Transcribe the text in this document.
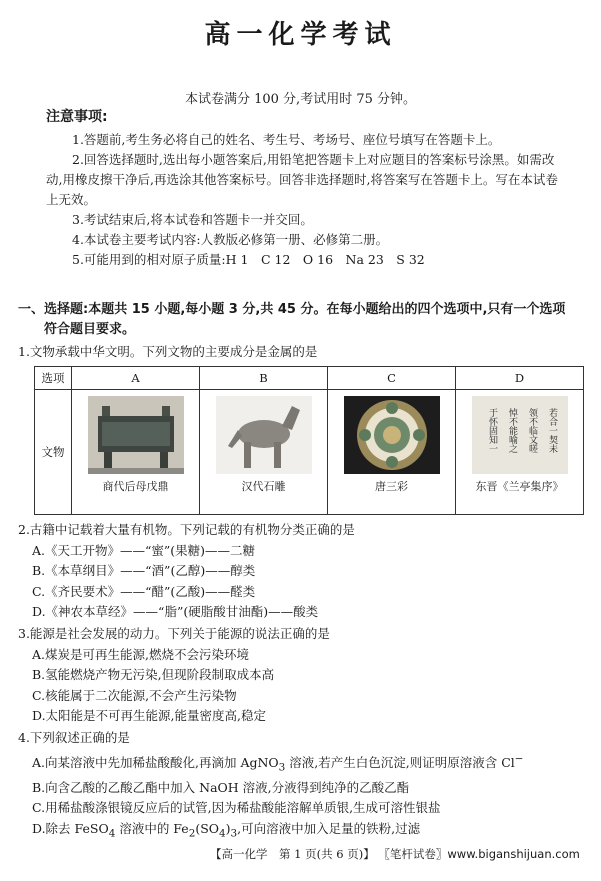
高一化学考试
本试卷满分 100 分,考试用时 75 分钟。
注意事项:

1.答题前,考生务必将自己的姓名、考生号、考场号、座位号填写在答题卡上。

2.回答选择题时,选出每小题答案后,用铅笔把答题卡上对应题目的答案标号涂黑。如需改动,用橡皮擦干净后,再选涂其他答案标号。回答非选择题时,将答案写在答题卡上。写在本试卷上无效。

3.考试结束后,将本试卷和答题卡一并交回。

4.本试卷主要考试内容:人教版必修第一册、必修第二册。

5.可能用到的相对原子质量:H 1　C 12　O 16　Na 23　S 32

一、选择题:本题共 15 小题,每小题 3 分,共 45 分。在每小题给出的四个选项中,只有一个选项
符合题目要求。
1.文物承载中华文明。下列文物的主要成分是金属的是
选项	A	B	C	D
文物	商代后母戊鼎	汉代石雕	唐三彩	若合一契未
领不临文嗟
悼不能喻之
于怀固知一
东晋《兰亭集序》

2.古籍中记载着大量有机物。下列记载的有机物分类正确的是

A.《天工开物》——“蜜”(果糖)——二糖

B.《本草纲目》——“酒”(乙醇)——醇类

C.《齐民要术》——“醋”(乙酸)——醛类

D.《神农本草经》——“脂”(硬脂酸甘油酯)——酸类

3.能源是社会发展的动力。下列关于能源的说法正确的是

A.煤炭是可再生能源,燃烧不会污染环境

B.氢能燃烧产物无污染,但现阶段制取成本高

C.核能属于二次能源,不会产生污染物

D.太阳能是不可再生能源,能量密度高,稳定

4.下列叙述正确的是

A.向某溶液中先加稀盐酸酸化,再滴加 AgNO$_3$ 溶液,若产生白色沉淀,则证明原溶液含 Cl−

B.向含乙酸的乙酸乙酯中加入 NaOH 溶液,分液得到纯净的乙酸乙酯

C.用稀盐酸涤银镜反应后的试管,因为稀盐酸能溶解单质银,生成可溶性银盐

D.除去 FeSO$_4$ 溶液中的 $Fe_2(SO_4)_3$,可向溶液中加入足量的铁粉,过滤

【高一化学　第 1 页(共 6 页)】 〖笔杆试卷〗www.biganshijuan.com
